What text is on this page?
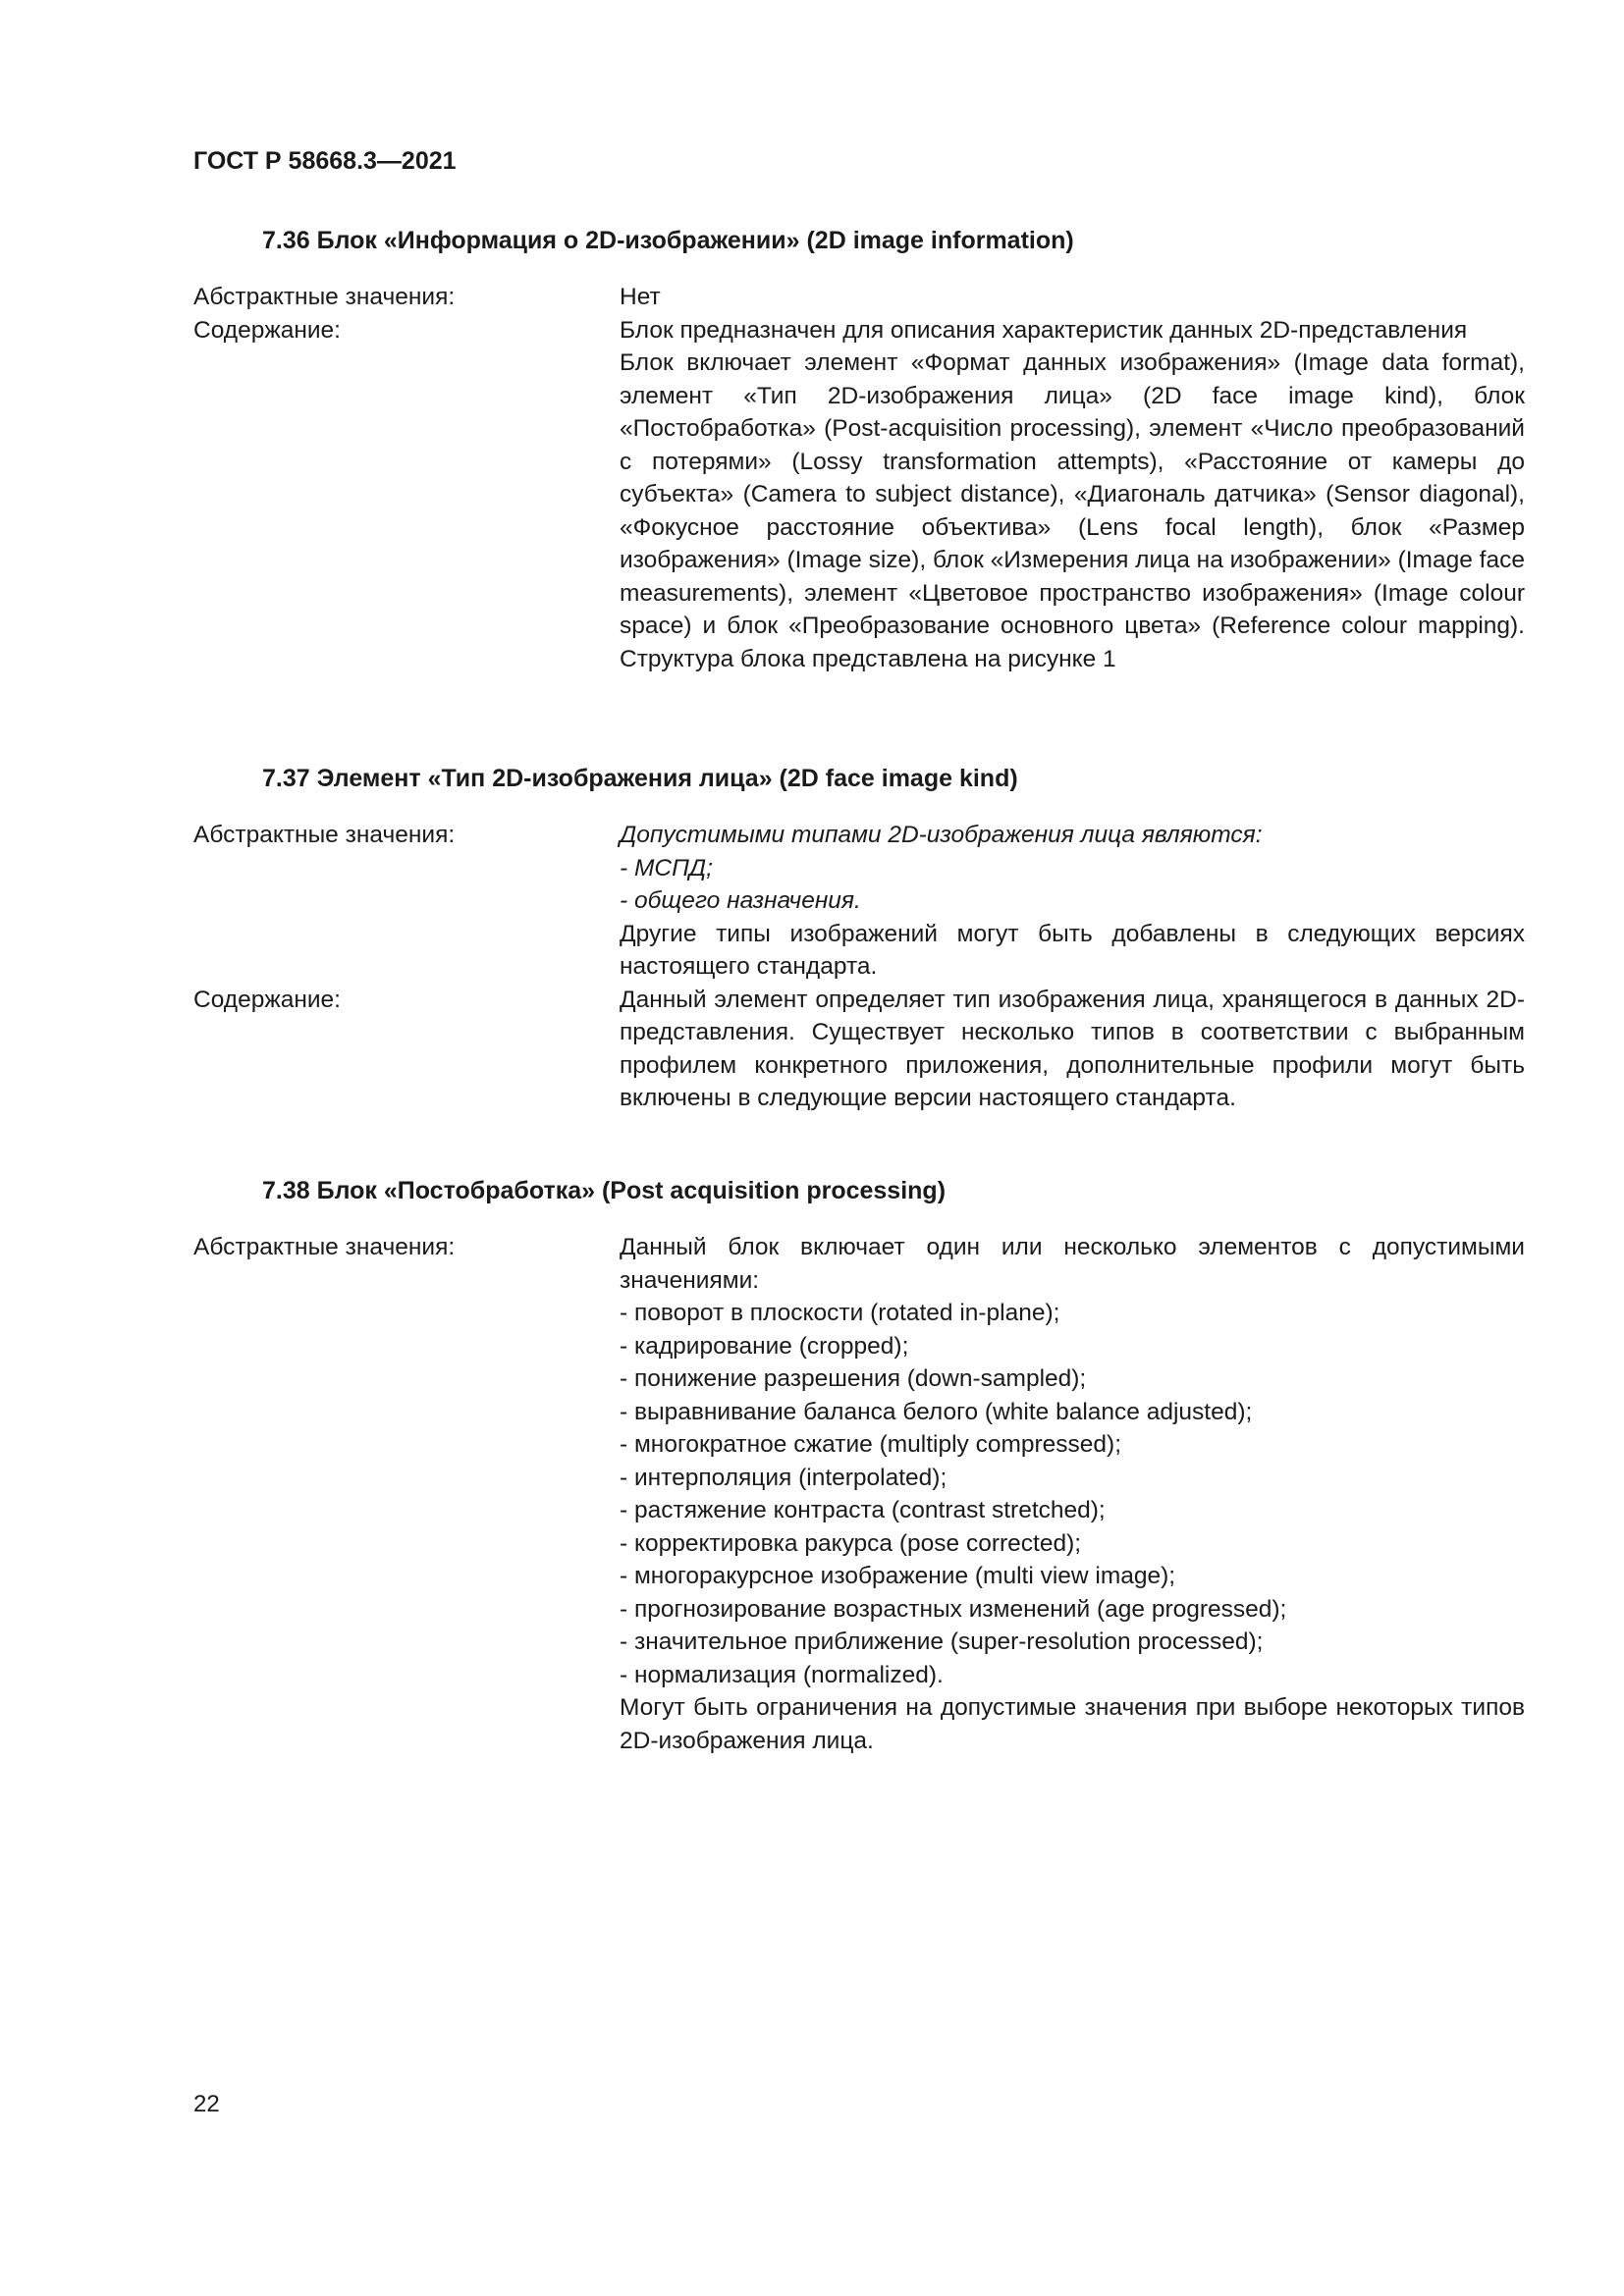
ГОСТ Р 58668.3—2021

7.36 Блок «Информация о 2D-изображении» (2D image information)

Абстрактные значения:	Нет

Содержание:	Блок предназначен для описания характеристик данных 2D-представления

Блок включает элемент «Формат данных изображения» (Image data format), элемент «Тип 2D-изображения лица» (2D face image kind), блок «Постобработка» (Post-acquisition processing), элемент «Число преобразований с потерями» (Lossy transformation attempts), «Расстояние от камеры до субъекта» (Camera to subject distance), «Диагональ датчика» (Sensor diagonal), «Фокусное расстояние объектива» (Lens focal length), блок «Размер изображения» (Image size), блок «Измерения лица на изображении» (Image face measurements), элемент «Цветовое пространство изображения» (Image colour space) и блок «Преобразование основного цвета» (Reference colour mapping). Структура блока представлена на рисунке 1

7.37 Элемент «Тип 2D-изображения лица» (2D face image kind)

Абстрактные значения:	Допустимыми типами 2D-изображения лица являются:

- МСПД;

- общего назначения.

Другие типы изображений могут быть добавлены в следующих версиях настоящего стандарта.

Содержание:	Данный элемент определяет тип изображения лица, хранящегося в данных 2D-представления. Существует несколько типов в соответствии с выбранным профилем конкретного приложения, дополнительные профили могут быть включены в следующие версии настоящего стандарта.

7.38 Блок «Постобработка» (Post acquisition processing)

Абстрактные значения:	Данный блок включает один или несколько элементов с допустимыми значениями:

- поворот в плоскости (rotated in-plane);

- кадрирование (cropped);

- понижение разрешения (down-sampled);

- выравнивание баланса белого (white balance adjusted);

- многократное сжатие (multiply compressed);

- интерполяция (interpolated);

- растяжение контраста (contrast stretched);

- корректировка ракурса (pose corrected);

- многоракурсное изображение (multi view image);

- прогнозирование возрастных изменений (age progressed);

- значительное приближение (super-resolution processed);

- нормализация (normalized).

Могут быть ограничения на допустимые значения при выборе некоторых типов 2D-изображения лица.

22
